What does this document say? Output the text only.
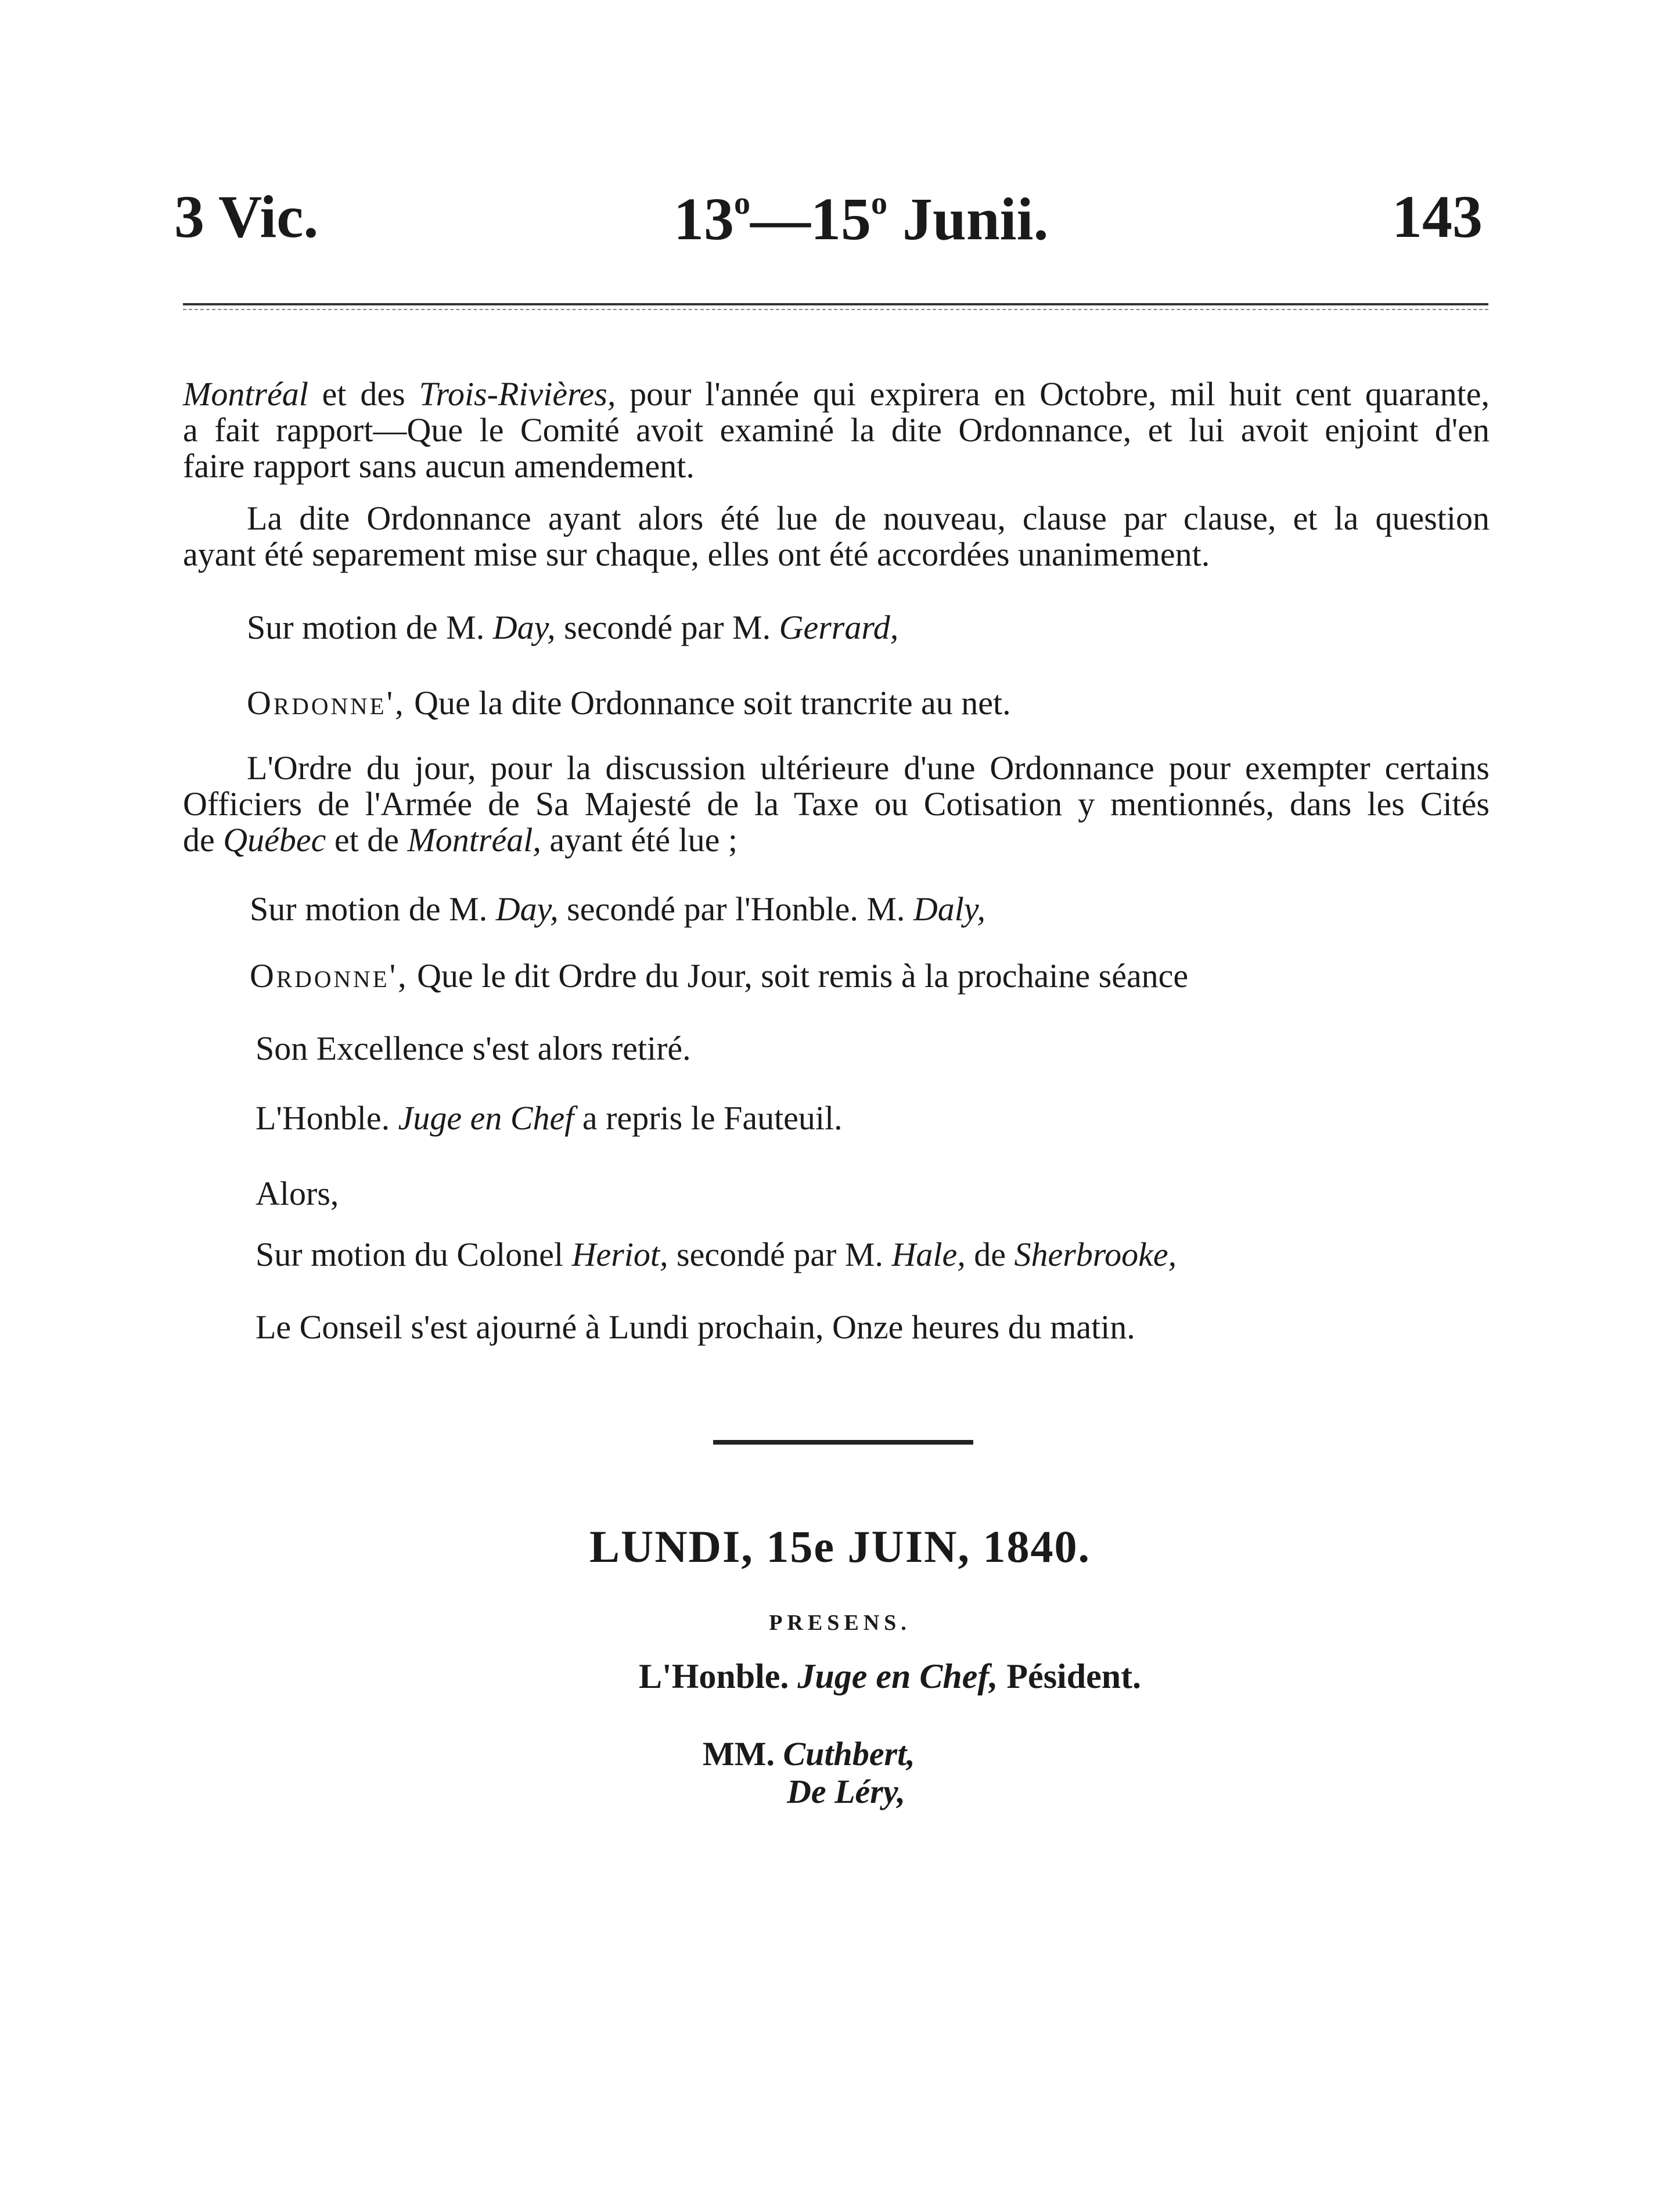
3 Vic.	13$^o$—15$^o$ Junii.	143
Montréal et des Trois-Rivières, pour l'année qui expirera en Octobre, mil huit cent quarante,
a fait rapport—Que le Comité avoit examiné la dite Ordonnance, et lui avoit enjoint d'en
faire rapport sans aucun amendement.
La dite Ordonnance ayant alors été lue de nouveau, clause par clause, et la question
ayant été separement mise sur chaque, elles ont été accordées unanimement.
Sur motion de M. Day, secondé par M. Gerrard,
Ordonne', Que la dite Ordonnance soit trancrite au net.
L'Ordre du jour, pour la discussion ultérieure d'une Ordonnance pour exempter certains
Officiers de l'Armée de Sa Majesté de la Taxe ou Cotisation y mentionnés, dans les Cités
de Québec et de Montréal, ayant été lue ;
Sur motion de M. Day, secondé par l'Honble. M. Daly,
Ordonne', Que le dit Ordre du Jour, soit remis à la prochaine séance
Son Excellence s'est alors retiré.
L'Honble. Juge en Chef a repris le Fauteuil.
Alors,
Sur motion du Colonel Heriot, secondé par M. Hale, de Sherbrooke,
Le Conseil s'est ajourné à Lundi prochain, Onze heures du matin.
LUNDI, 15e JUIN, 1840.
PRESENS.
L'Honble. Juge en Chef, Pésident.
MM. Cuthbert,
De Léry,
